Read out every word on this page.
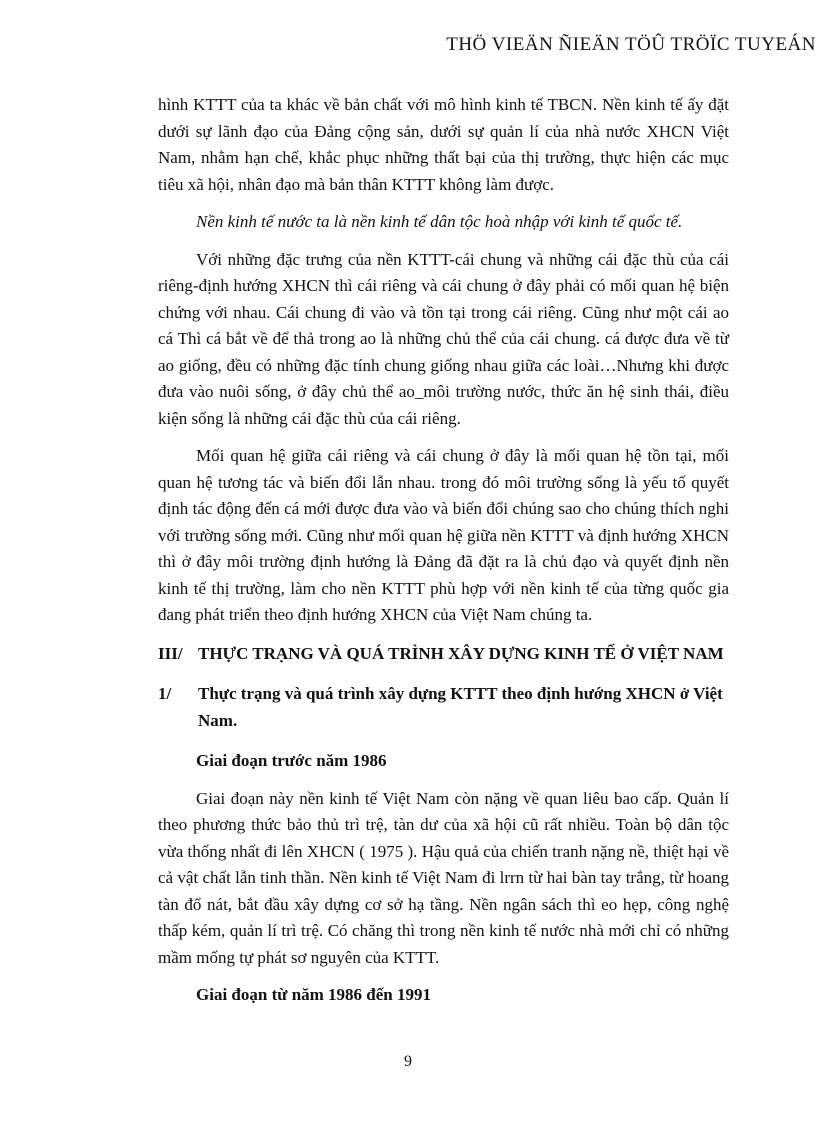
THÖ VIEÄN ÑIEÄN TÖÛ TRÖÏC TUYEÁN

hình KTTT của ta khác về bản chất với mô hình kinh tế TBCN. Nền kinh tế ấy đặt dưới sự lãnh đạo của Đảng cộng sản, dưới sự quản lí của nhà nước XHCN Việt Nam, nhằm hạn chế, khắc phục những thất bại của thị trường, thực hiện các mục tiêu xã hội, nhân đạo mà bản thân KTTT không làm được.

Nền kinh tế nước ta là nền kinh tế dân tộc hoà nhập với kinh tế quốc tế.

Với những đặc trưng của nền KTTT-cái chung và những cái đặc thù của cái riêng-định hướng XHCN thì cái riêng và cái chung ở đây phải có mối quan hệ biện chứng với nhau. Cái chung đi vào và tồn tại trong cái riêng. Cũng như một cái ao cá Thì cá bắt về để thả trong ao là những chủ thể của cái chung. cá được đưa về từ ao giống, đều có những đặc tính chung giống nhau giữa các loài…Nhưng khi được đưa vào nuôi sống, ở đây chủ thể ao_môi trường nước, thức ăn hệ sinh thái, điều kiện sống là những cái đặc thù của cái riêng.

Mối quan hệ giữa cái riêng và cái chung ở đây là mối quan hệ tồn tại, mối quan hệ tương tác và biến đổi lẫn nhau. trong đó môi trường sống là yếu tố quyết định tác động đến cá mới được đưa vào và biến đổi chúng sao cho chúng thích nghi với trường sống mới. Cũng như mối quan hệ giữa nền KTTT và định hướng XHCN thì ở đây môi trường định hướng là Đảng đã đặt ra là chủ đạo và quyết định nền kinh tế thị trường, làm cho nền KTTT phù hợp với nền kinh tế của từng quốc gia đang phát triển theo định hướng XHCN của Việt Nam chúng ta.

III/ THỰC TRẠNG VÀ QUÁ TRÌNH XÂY DỰNG KINH TẾ Ở VIỆT NAM
1/	Thực trạng và quá trình xây dựng KTTT theo định hướng XHCN ở Việt Nam.
Giai đoạn trước năm 1986

Giai đoạn này nền kinh tế Việt Nam còn nặng về quan liêu bao cấp. Quản lí theo phương thức bảo thủ trì trệ, tàn dư của xã hội cũ rất nhiều. Toàn bộ dân tộc vừa thống nhất đi lên XHCN ( 1975 ). Hậu quả của chiến tranh nặng nề, thiệt hại về cả vật chất lẫn tinh thần. Nền kinh tế Việt Nam đi lrrn từ hai bàn tay trắng, từ hoang tàn đổ nát, bắt đầu xây dựng cơ sở hạ tầng. Nền ngân sách thì eo hẹp, công nghệ thấp kém, quản lí trì trệ. Có chăng thì trong nền kinh tế nước nhà mới chỉ có những mầm mống tự phát sơ nguyên của KTTT.

Giai đoạn từ năm 1986 đến 1991
9
